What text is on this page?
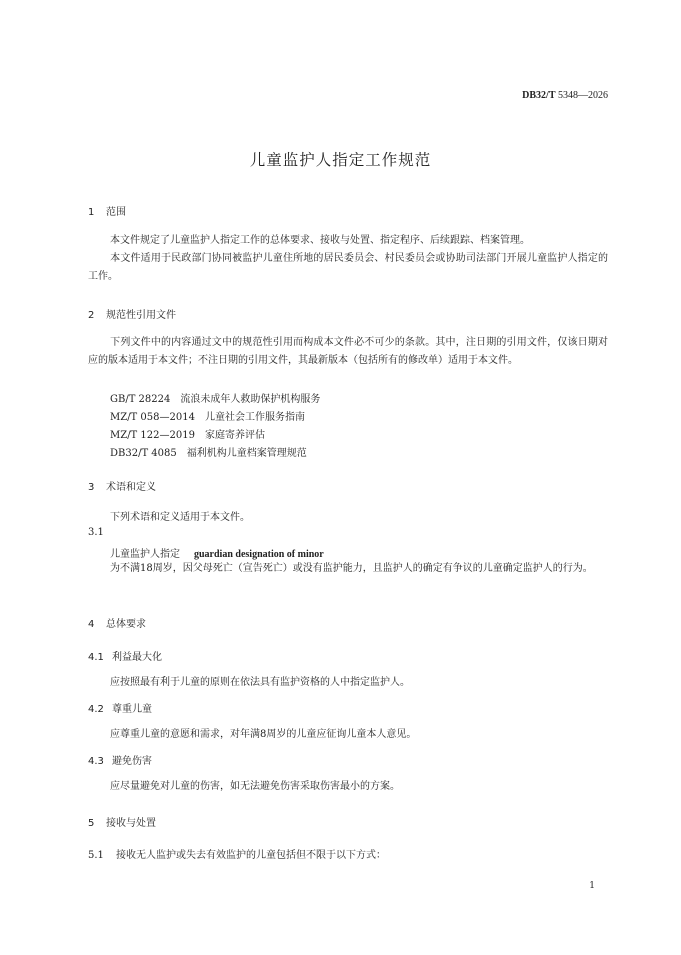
DB32/T 5348—2026
儿童监护人指定工作规范
1 范围
本文件规定了儿童监护人指定工作的总体要求、接收与处置、指定程序、后续跟踪、档案管理。
本文件适用于民政部门协同被监护儿童住所地的居民委员会、村民委员会或协助司法部门开展儿童监护人指定的工作。
2 规范性引用文件
下列文件中的内容通过文中的规范性引用而构成本文件必不可少的条款。其中，注日期的引用文件，仅该日期对应的版本适用于本文件；不注日期的引用文件，其最新版本（包括所有的修改单）适用于本文件。
GB/T 28224　 流浪未成年人救助保护机构服务
MZ/T 058—2014　 儿童社会工作服务指南
MZ/T 122—2019　 家庭寄养评估
DB32/T 4085　 福利机构儿童档案管理规范
3 术语和定义
下列术语和定义适用于本文件。
3.1
儿童监护人指定 guardian designation of minor
为不满18周岁，因父母死亡（宣告死亡）或没有监护能力，且监护人的确定有争议的儿童确定监护人的行为。
4 总体要求
4.1 利益最大化
应按照最有利于儿童的原则在依法具有监护资格的人中指定监护人。
4.2 尊重儿童
应尊重儿童的意愿和需求，对年满8周岁的儿童应征询儿童本人意见。
4.3 避免伤害
应尽量避免对儿童的伤害，如无法避免伤害采取伤害最小的方案。
5 接收与处置
5.1 接收无人监护或失去有效监护的儿童包括但不限于以下方式：
1
